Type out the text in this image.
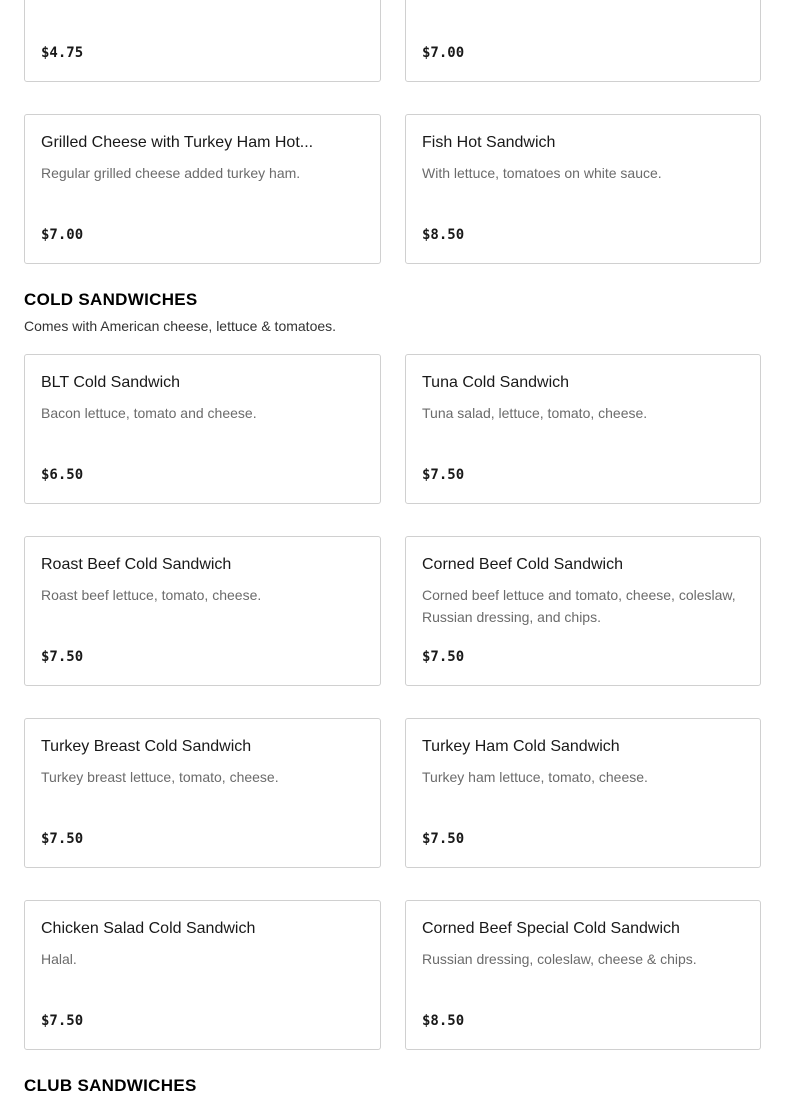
$4.75	$7.00
Grilled Cheese with Turkey Ham Hot...
Regular grilled cheese added turkey ham.
$7.00
Fish Hot Sandwich
With lettuce, tomatoes on white sauce.
$8.50
COLD SANDWICHES
Comes with American cheese, lettuce & tomatoes.
BLT Cold Sandwich
Bacon lettuce, tomato and cheese.
$6.50
Tuna Cold Sandwich
Tuna salad, lettuce, tomato, cheese.
$7.50
Roast Beef Cold Sandwich
Roast beef lettuce, tomato, cheese.
$7.50
Corned Beef Cold Sandwich
Corned beef lettuce and tomato, cheese, coleslaw, Russian dressing, and chips.
$7.50
Turkey Breast Cold Sandwich
Turkey breast lettuce, tomato, cheese.
$7.50
Turkey Ham Cold Sandwich
Turkey ham lettuce, tomato, cheese.
$7.50
Chicken Salad Cold Sandwich
Halal.
$7.50
Corned Beef Special Cold Sandwich
Russian dressing, coleslaw, cheese & chips.
$8.50
CLUB SANDWICHES
